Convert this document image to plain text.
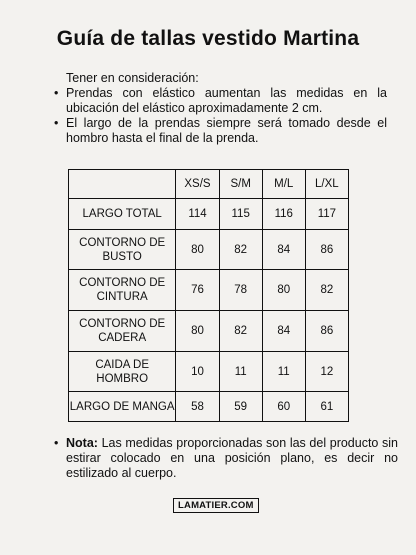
Guía de tallas vestido Martina
Tener en consideración:
• Prendas con elástico aumentan las medidas en la ubicación del elástico aproximadamente 2 cm.
• El largo de la prendas siempre será tomado desde el hombro hasta el final de la prenda.
	XS/S	S/M	M/L	L/XL
LARGO TOTAL	114	115	116	117
CONTORNO DE BUSTO	80	82	84	86
CONTORNO DE CINTURA	76	78	80	82
CONTORNO DE CADERA	80	82	84	86
CAIDA DE HOMBRO	10	11	11	12
LARGO DE MANGA	58	59	60	61
• Nota: Las medidas proporcionadas son las del producto sin estirar colocado en una posición plano, es decir no estilizado al cuerpo.
LAMATIER.COM
